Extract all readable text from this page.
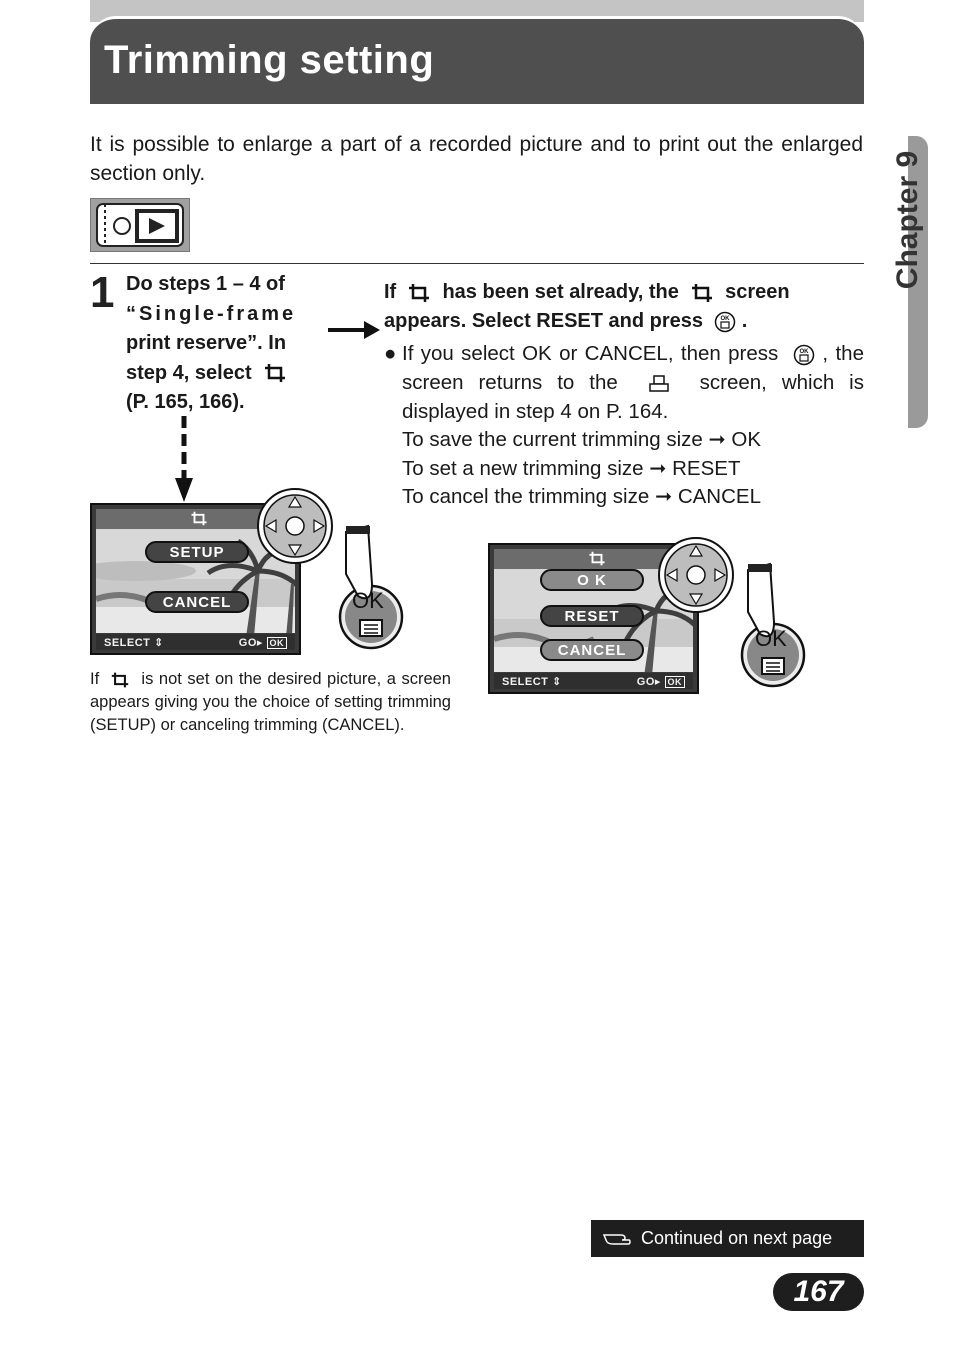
Trimming setting
Chapter 9
It is possible to enlarge a part of a recorded picture and to print out the enlarged section only.
1 Do steps 1 – 4 of
“Single-frame
print reserve”. In
step 4, select
(P. 165, 166).
If has been set already, the screen
appears. Select RESET and press	OK .
● If you select OK or CANCEL, then press	OK , the screen returns to the	screen, which is displayed in step 4 on P. 164.
To save the current trimming size ➞ OK
To set a new trimming size ➞ RESET
To cancel the trimming size ➞ CANCEL
SETUP
CANCEL
SELECT ⇕	GO▸ OK
OK
O K
RESET
CANCEL
SELECT ⇕	GO▸ OK
OK
If	is not set on the desired picture, a screen appears giving you the choice of setting trimming (SETUP) or canceling trimming (CANCEL).
Continued on next page
167
